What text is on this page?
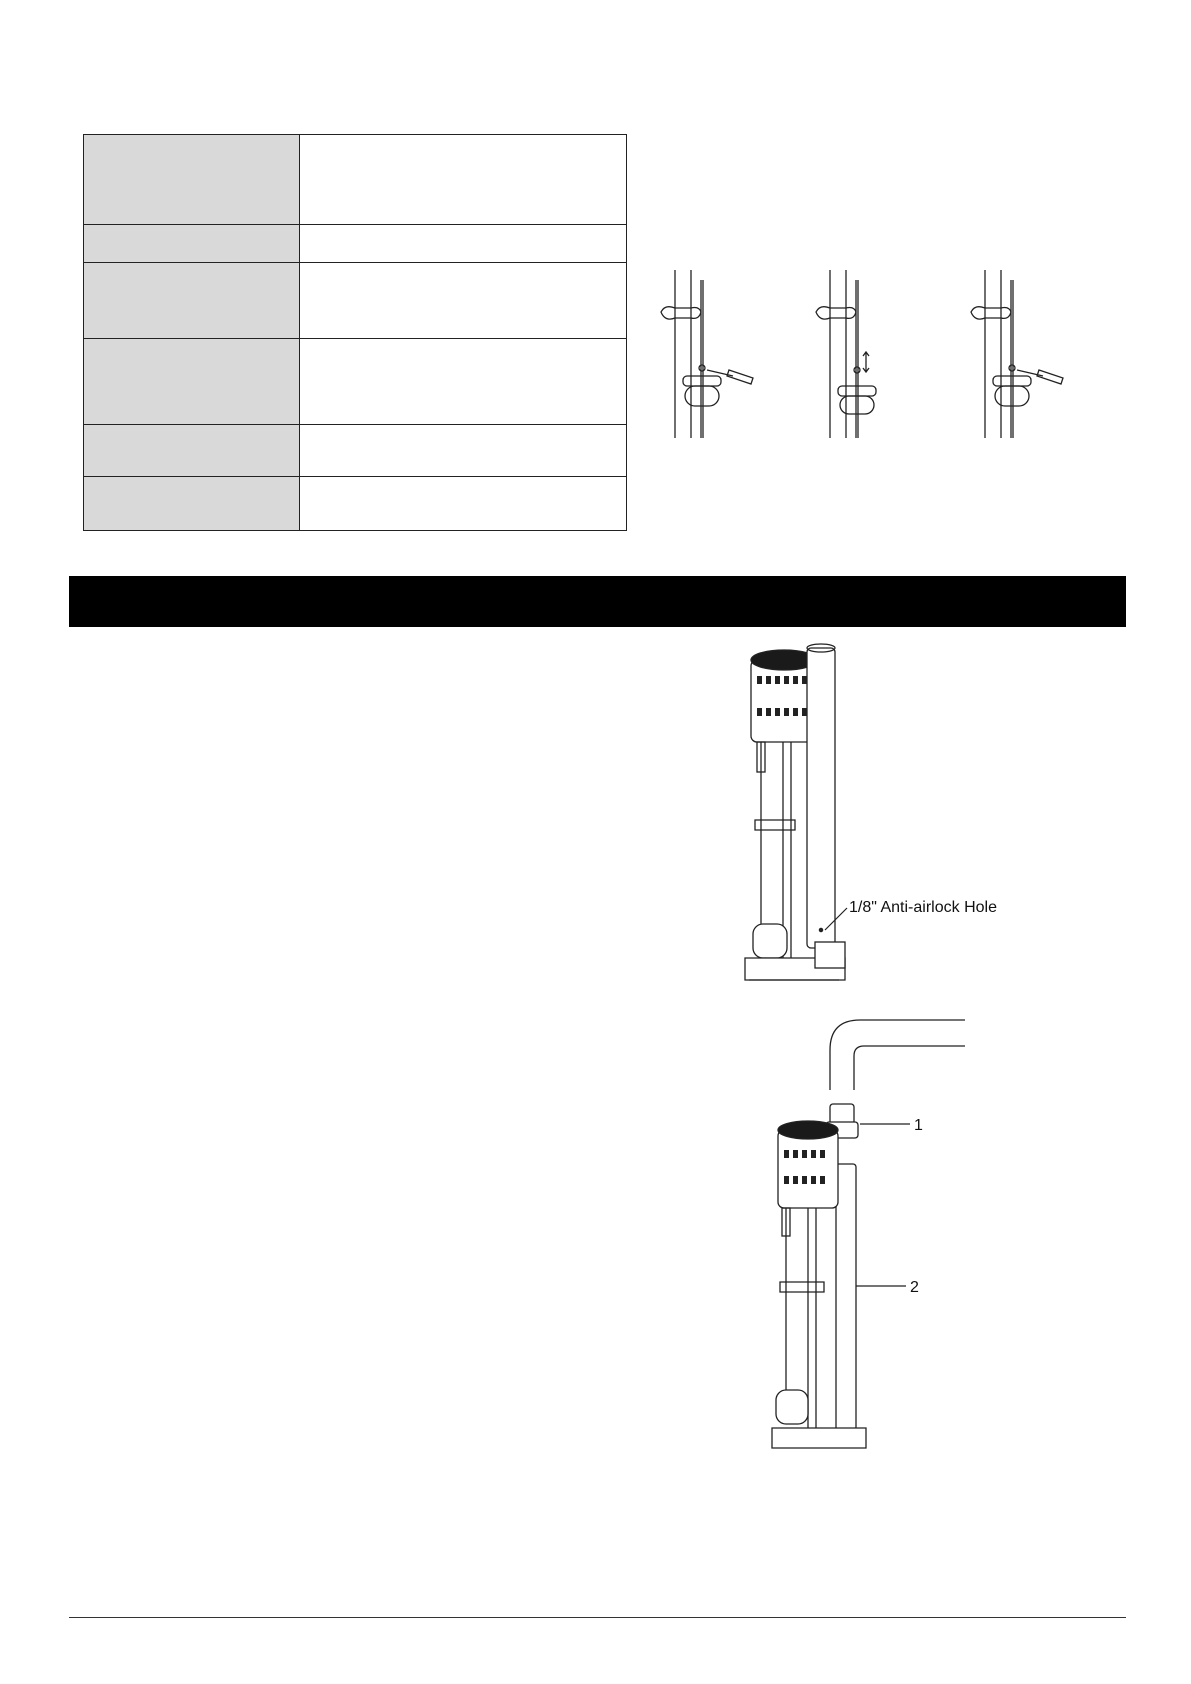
1/8" Anti-airlock Hole
1
2
